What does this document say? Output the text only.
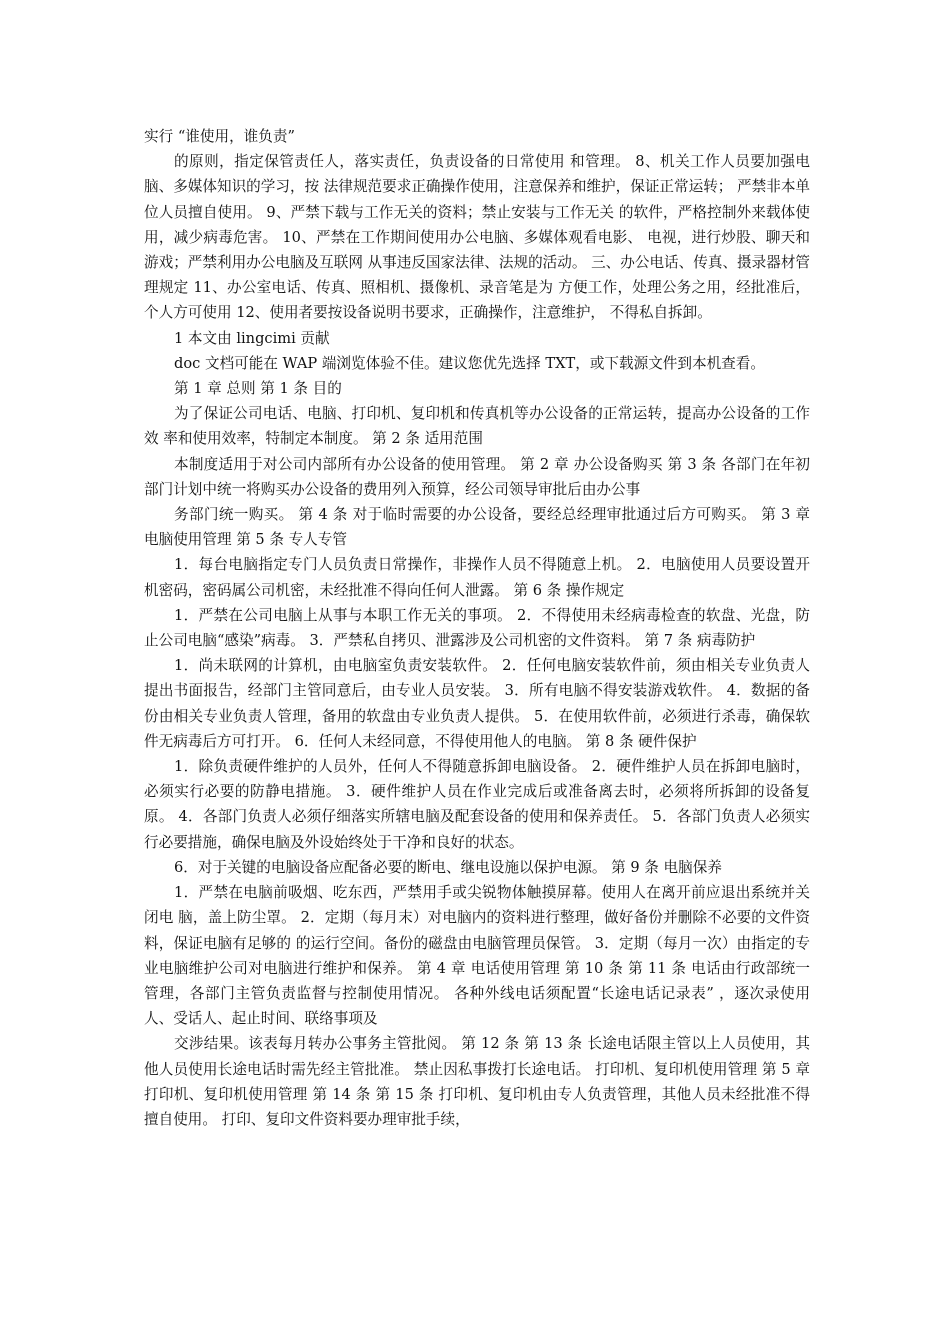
实行 “谁使用，谁负责”

的原则，指定保管责任人，落实责任，负责设备的日常使用 和管理。 8、机关工作人员要加强电脑、多媒体知识的学习，按 法律规范要求正确操作使用，注意保养和维护，保证正常运转； 严禁非本单位人员擅自使用。 9、严禁下载与工作无关的资料；禁止安装与工作无关 的软件，严格控制外来载体使用，减少病毒危害。 10、严禁在工作期间使用办公电脑、多媒体观看电影、 电视，进行炒股、聊天和游戏；严禁利用办公电脑及互联网 从事违反国家法律、法规的活动。 三、办公电话、传真、摄录器材管理规定 11、办公室电话、传真、照相机、摄像机、录音笔是为 方便工作，处理公务之用，经批准后，个人方可使用 12、使用者要按设备说明书要求，正确操作，注意维护， 不得私自拆卸。

1 本文由 lingcimi 贡献

doc 文档可能在 WAP 端浏览体验不佳。建议您优先选择 TXT，或下载源文件到本机查看。

第 1 章 总则 第 1 条 目的

为了保证公司电话、电脑、打印机、复印机和传真机等办公设备的正常运转，提高办公设备的工作效 率和使用效率，特制定本制度。 第 2 条 适用范围

本制度适用于对公司内部所有办公设备的使用管理。 第 2 章 办公设备购买 第 3 条 各部门在年初部门计划中统一将购买办公设备的费用列入预算，经公司领导审批后由办公事

务部门统一购买。 第 4 条 对于临时需要的办公设备，要经总经理审批通过后方可购买。 第 3 章 电脑使用管理 第 5 条 专人专管

1．每台电脑指定专门人员负责日常操作，非操作人员不得随意上机。 2．电脑使用人员要设置开机密码，密码属公司机密，未经批准不得向任何人泄露。 第 6 条 操作规定

1．严禁在公司电脑上从事与本职工作无关的事项。 2．不得使用未经病毒检查的软盘、光盘，防止公司电脑“感染”病毒。 3．严禁私自拷贝、泄露涉及公司机密的文件资料。 第 7 条 病毒防护

1．尚未联网的计算机，由电脑室负责安装软件。 2．任何电脑安装软件前，须由相关专业负责人提出书面报告，经部门主管同意后，由专业人员安装。 3．所有电脑不得安装游戏软件。 4．数据的备份由相关专业负责人管理，备用的软盘由专业负责人提供。 5．在使用软件前，必须进行杀毒，确保软件无病毒后方可打开。 6．任何人未经同意，不得使用他人的电脑。 第 8 条 硬件保护

1．除负责硬件维护的人员外，任何人不得随意拆卸电脑设备。 2．硬件维护人员在拆卸电脑时，必须实行必要的防静电措施。 3．硬件维护人员在作业完成后或准备离去时，必须将所拆卸的设备复原。 4．各部门负责人必须仔细落实所辖电脑及配套设备的使用和保养责任。 5．各部门负责人必须实行必要措施，确保电脑及外设始终处于干净和良好的状态。

6．对于关键的电脑设备应配备必要的断电、继电设施以保护电源。 第 9 条 电脑保养

1．严禁在电脑前吸烟、吃东西，严禁用手或尖锐物体触摸屏幕。使用人在离开前应退出系统并关闭电 脑，盖上防尘罩。 2．定期（每月末）对电脑内的资料进行整理，做好备份并删除不必要的文件资料，保证电脑有足够的 的运行空间。备份的磁盘由电脑管理员保管。 3．定期（每月一次）由指定的专业电脑维护公司对电脑进行维护和保养。 第 4 章 电话使用管理 第 10 条 第 11 条 电话由行政部统一管理，各部门主管负责监督与控制使用情况。 各种外线电话须配置“长途电话记录表” ，逐次录使用人、受话人、起止时间、联络事项及

交涉结果。该表每月转办公事务主管批阅。 第 12 条 第 13 条 长途电话限主管以上人员使用，其他人员使用长途电话时需先经主管批准。 禁止因私事拨打长途电话。 打印机、复印机使用管理 第 5 章 打印机、复印机使用管理 第 14 条 第 15 条 打印机、复印机由专人负责管理，其他人员未经批准不得擅自使用。 打印、复印文件资料要办理审批手续，
